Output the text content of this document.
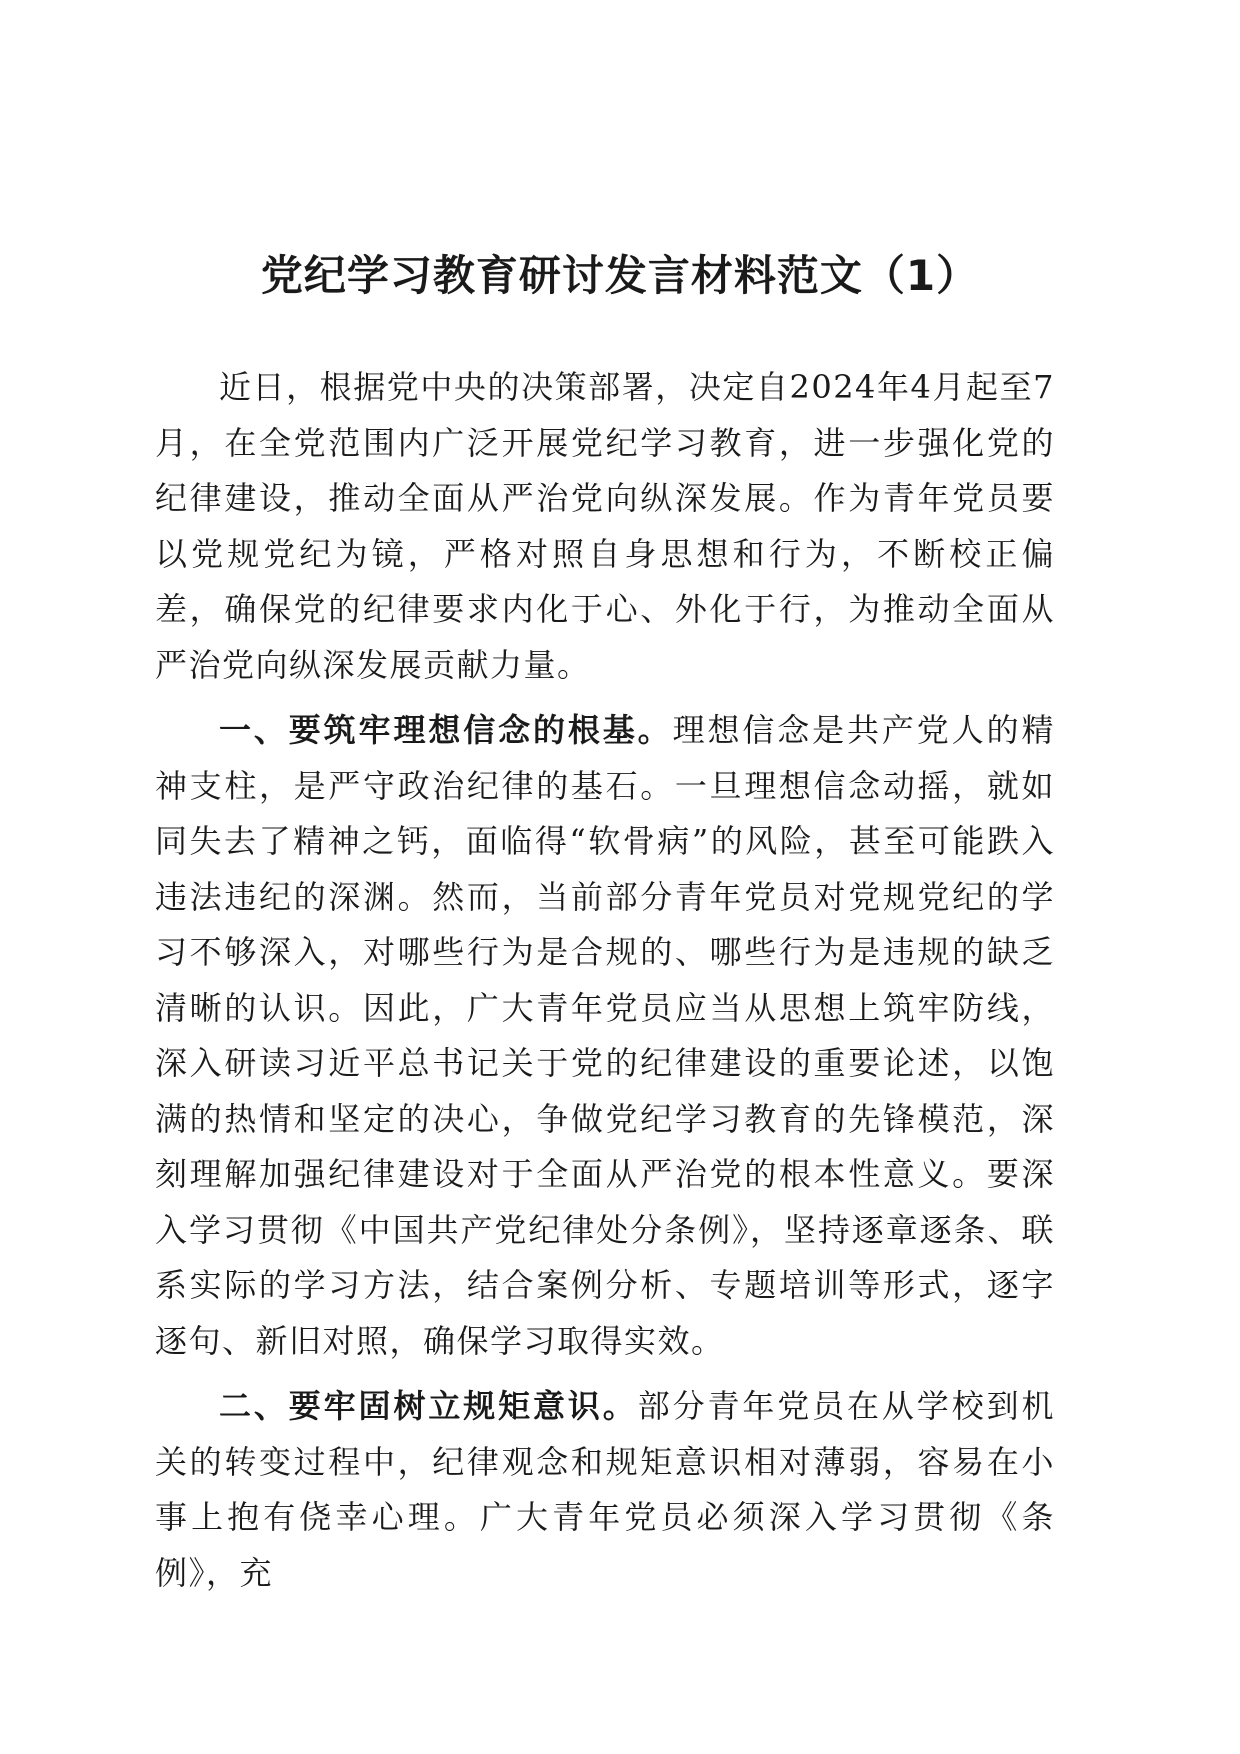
党纪学习教育研讨发言材料范文（1）

近日，根据党中央的决策部署，决定自2024年4月起至7月，在全党范围内广泛开展党纪学习教育，进一步强化党的纪律建设，推动全面从严治党向纵深发展。作为青年党员要以党规党纪为镜，严格对照自身思想和行为，不断校正偏差，确保党的纪律要求内化于心、外化于行，为推动全面从严治党向纵深发展贡献力量。

一、要筑牢理想信念的根基。理想信念是共产党人的精神支柱，是严守政治纪律的基石。一旦理想信念动摇，就如同失去了精神之钙，面临得“软骨病”的风险，甚至可能跌入违法违纪的深渊。然而，当前部分青年党员对党规党纪的学习不够深入，对哪些行为是合规的、哪些行为是违规的缺乏清晰的认识。因此，广大青年党员应当从思想上筑牢防线，深入研读习近平总书记关于党的纪律建设的重要论述，以饱满的热情和坚定的决心，争做党纪学习教育的先锋模范，深刻理解加强纪律建设对于全面从严治党的根本性意义。要深入学习贯彻《中国共产党纪律处分条例》，坚持逐章逐条、联系实际的学习方法，结合案例分析、专题培训等形式，逐字逐句、新旧对照，确保学习取得实效。

二、要牢固树立规矩意识。部分青年党员在从学校到机关的转变过程中，纪律观念和规矩意识相对薄弱，容易在小事上抱有侥幸心理。广大青年党员必须深入学习贯彻《条例》，充
